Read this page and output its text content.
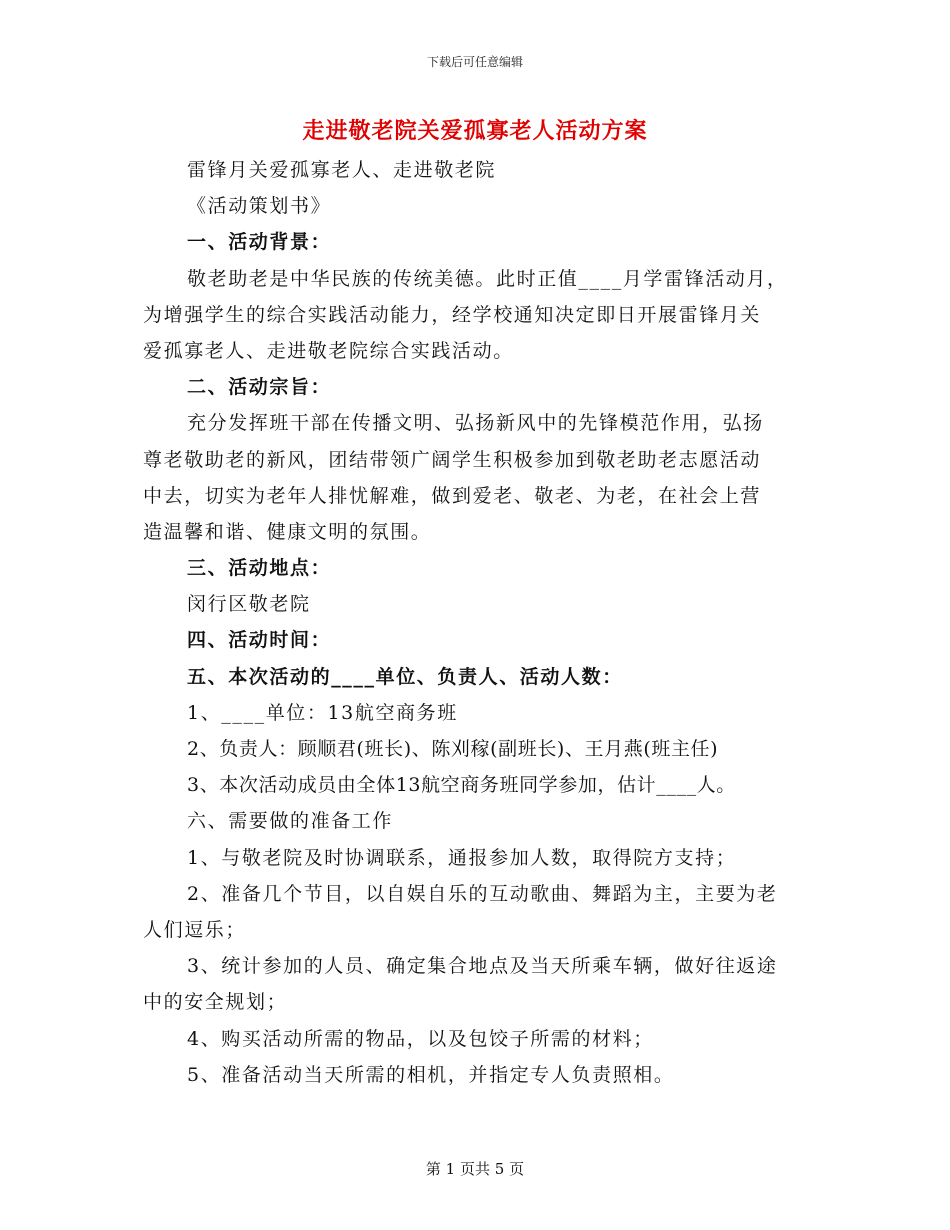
下载后可任意编辑
走进敬老院关爱孤寡老人活动方案
雷锋月关爱孤寡老人、走进敬老院
《活动策划书》
一、活动背景：
敬老助老是中华民族的传统美德。此时正值____月学雷锋活动月，
为增强学生的综合实践活动能力，经学校通知决定即日开展雷锋月关
爱孤寡老人、走进敬老院综合实践活动。
二、活动宗旨：
充分发挥班干部在传播文明、弘扬新风中的先锋模范作用，弘扬
尊老敬助老的新风，团结带领广阔学生积极参加到敬老助老志愿活动
中去，切实为老年人排忧解难，做到爱老、敬老、为老，在社会上营
造温馨和谐、健康文明的氛围。
三、活动地点：
闵行区敬老院
四、活动时间：
五、本次活动的____单位、负责人、活动人数：
1、____单位：13航空商务班
2、负责人：顾顺君(班长)、陈刈稼(副班长)、王月燕(班主任)
3、本次活动成员由全体13航空商务班同学参加，估计____人。
六、需要做的准备工作
1、与敬老院及时协调联系，通报参加人数，取得院方支持；
2、准备几个节目，以自娱自乐的互动歌曲、舞蹈为主，主要为老
人们逗乐；
3、统计参加的人员、确定集合地点及当天所乘车辆，做好往返途
中的安全规划；
4、购买活动所需的物品，以及包饺子所需的材料；
5、准备活动当天所需的相机，并指定专人负责照相。
第 1 页共 5 页
